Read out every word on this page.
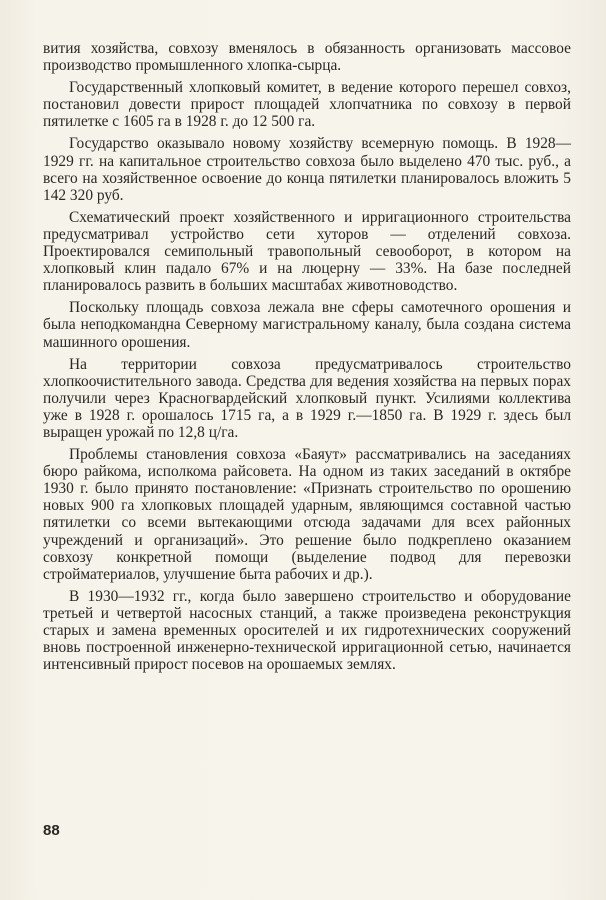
вития хозяйства, совхозу вменялось в обязанность организовать массовое производство промышленного хлопка-сырца.

Государственный хлопковый комитет, в ведение которого перешел совхоз, постановил довести прирост площадей хлопчатника по совхозу в первой пятилетке с 1605 га в 1928 г. до 12 500 га.

Государство оказывало новому хозяйству всемерную помощь. В 1928—1929 гг. на капитальное строительство совхоза было выделено 470 тыс. руб., а всего на хозяйственное освоение до конца пятилетки планировалось вложить 5 142 320 руб.

Схематический проект хозяйственного и ирригационного строительства предусматривал устройство сети хуторов — отделений совхоза. Проектировался семипольный травопольный севооборот, в котором на хлопковый клин падало 67% и на люцерну — 33%. На базе последней планировалось развить в больших масштабах животноводство.

Поскольку площадь совхоза лежала вне сферы самотечного орошения и была неподкомандна Северному магистральному каналу, была создана система машинного орошения.

На территории совхоза предусматривалось строительство хлопкоочистительного завода. Средства для ведения хозяйства на первых порах получили через Красногвардейский хлопковый пункт. Усилиями коллектива уже в 1928 г. орошалось 1715 га, а в 1929 г.—1850 га. В 1929 г. здесь был выращен урожай по 12,8 ц/га.

Проблемы становления совхоза «Баяут» рассматривались на заседаниях бюро райкома, исполкома райсовета. На одном из таких заседаний в октябре 1930 г. было принято постановление: «Признать строительство по орошению новых 900 га хлопковых площадей ударным, являющимся составной частью пятилетки со всеми вытекающими отсюда задачами для всех районных учреждений и организаций». Это решение было подкреплено оказанием совхозу конкретной помощи (выделение подвод для перевозки стройматериалов, улучшение быта рабочих и др.).

В 1930—1932 гг., когда было завершено строительство и оборудование третьей и четвертой насосных станций, а также произведена реконструкция старых и замена временных оросителей и их гидротехнических сооружений вновь построенной инженерно-технической ирригационной сетью, начинается интенсивный прирост посевов на орошаемых землях.

88
